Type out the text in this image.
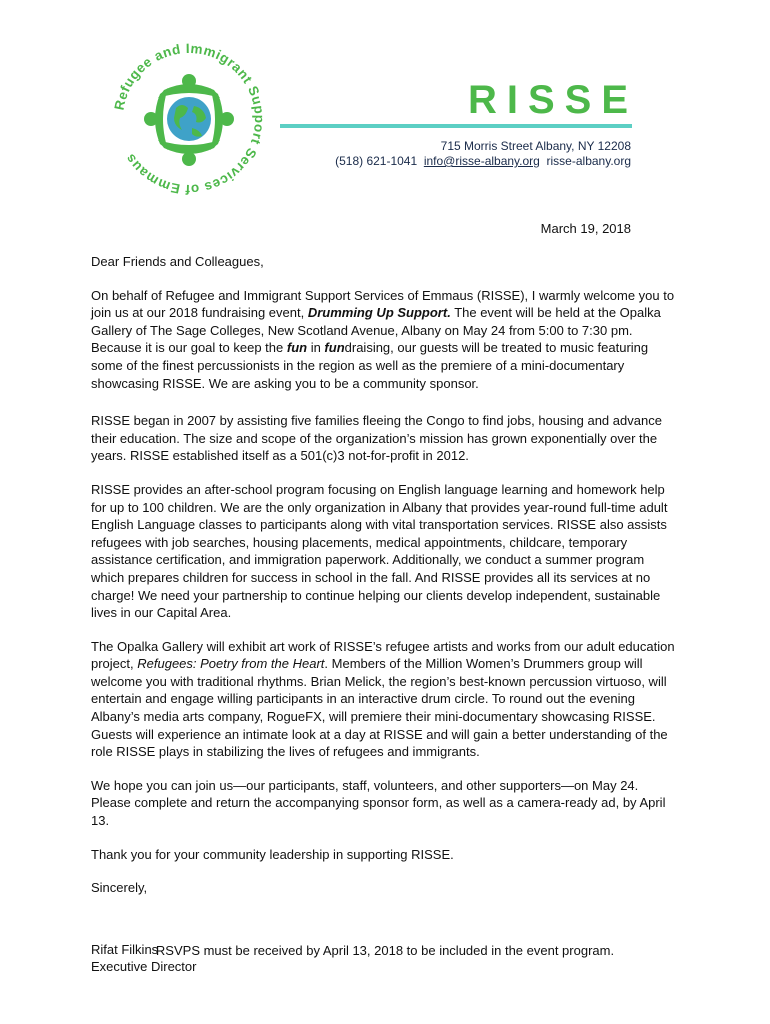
Refugee and Immigrant Support Services of Emmaus
RISSE
715 Morris Street Albany, NY 12208
(518) 621-1041 info@risse-albany.org risse-albany.org
March 19, 2018

Dear Friends and Colleagues,

On behalf of Refugee and Immigrant Support Services of Emmaus (RISSE), I warmly welcome you to join us at our 2018 fundraising event, Drumming Up Support. The event will be held at the Opalka Gallery of The Sage Colleges, New Scotland Avenue, Albany on May 24 from 5:00 to 7:30 pm. Because it is our goal to keep the fun in fundraising, our guests will be treated to music featuring some of the finest percussionists in the region as well as the premiere of a mini-documentary showcasing RISSE. We are asking you to be a community sponsor.

RISSE began in 2007 by assisting five families fleeing the Congo to find jobs, housing and advance their education. The size and scope of the organization’s mission has grown exponentially over the years. RISSE established itself as a 501(c)3 not-for-profit in 2012.

RISSE provides an after-school program focusing on English language learning and homework help for up to 100 children. We are the only organization in Albany that provides year-round full-time adult English Language classes to participants along with vital transportation services. RISSE also assists refugees with job searches, housing placements, medical appointments, childcare, temporary assistance certification, and immigration paperwork. Additionally, we conduct a summer program which prepares children for success in school in the fall. And RISSE provides all its services at no charge! We need your partnership to continue helping our clients develop independent, sustainable lives in our Capital Area.

The Opalka Gallery will exhibit art work of RISSE’s refugee artists and works from our adult education project, Refugees: Poetry from the Heart. Members of the Million Women’s Drummers group will welcome you with traditional rhythms. Brian Melick, the region’s best-known percussion virtuoso, will entertain and engage willing participants in an interactive drum circle. To round out the evening Albany’s media arts company, RogueFX, will premiere their mini-documentary showcasing RISSE. Guests will experience an intimate look at a day at RISSE and will gain a better understanding of the role RISSE plays in stabilizing the lives of refugees and immigrants.

We hope you can join us—our participants, staff, volunteers, and other supporters—on May 24. Please complete and return the accompanying sponsor form, as well as a camera-ready ad, by April 13.

Thank you for your community leadership in supporting RISSE.

Sincerely,

Rifat Filkins

Executive Director

RSVPS must be received by April 13, 2018 to be included in the event program.
